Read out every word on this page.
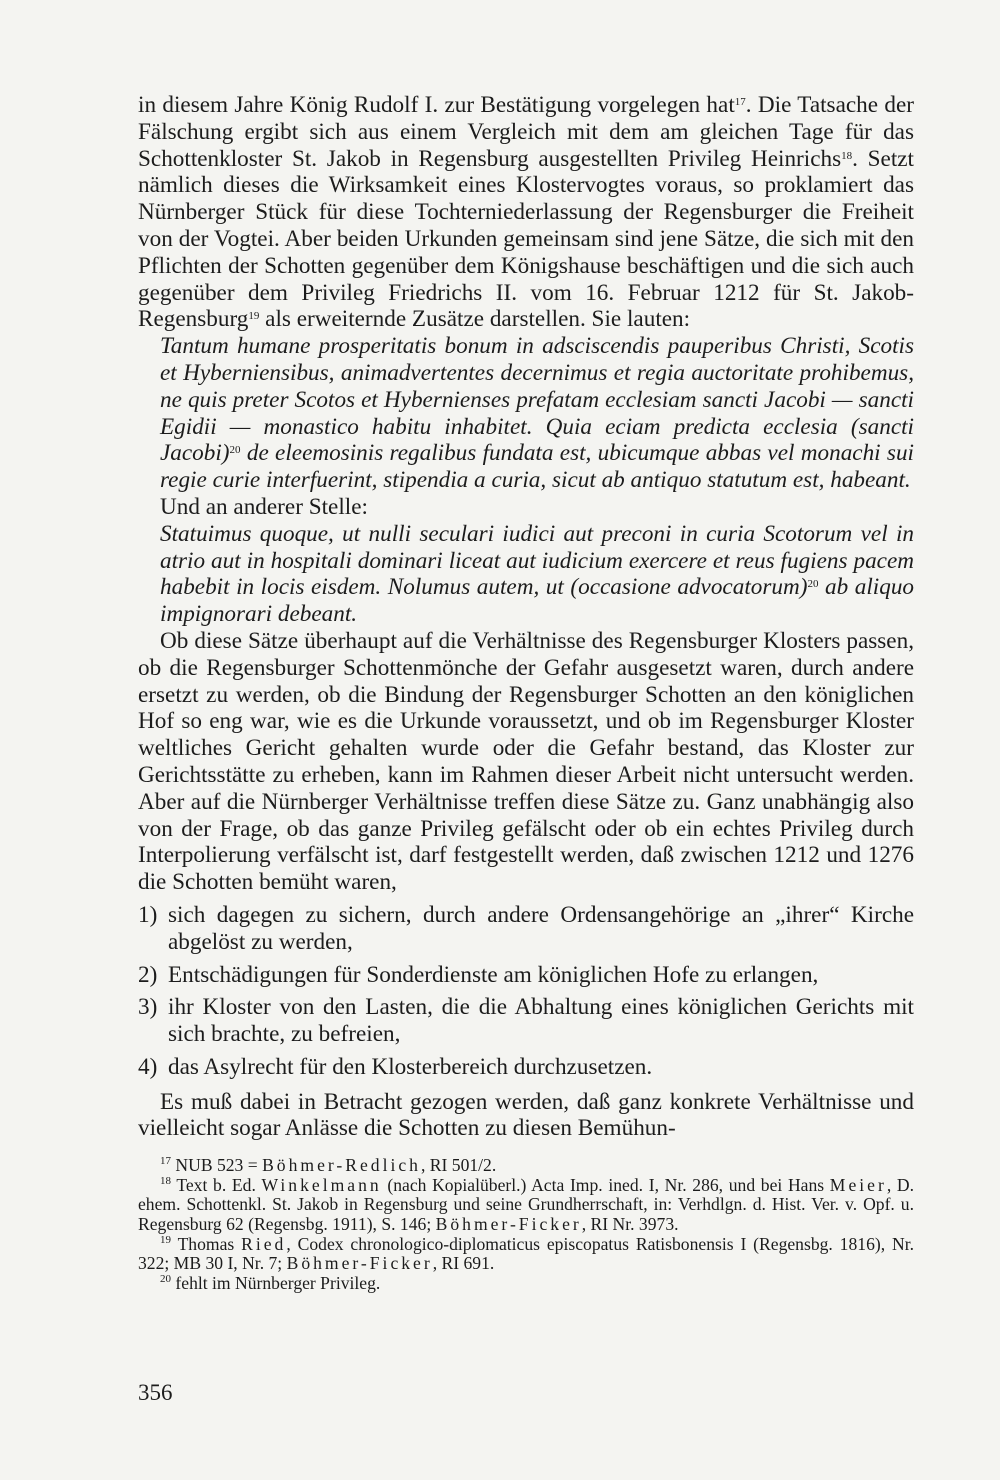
in diesem Jahre König Rudolf I. zur Bestätigung vorgelegen hat$^{17}$. Die Tatsache der Fälschung ergibt sich aus einem Vergleich mit dem am gleichen Tage für das Schottenkloster St. Jakob in Regensburg ausgestellten Privileg Heinrichs$^{18}$. Setzt nämlich dieses die Wirksamkeit eines Klostervogtes voraus, so proklamiert das Nürnberger Stück für diese Tochterniederlassung der Regensburger die Freiheit von der Vogtei. Aber beiden Urkunden gemeinsam sind jene Sätze, die sich mit den Pflichten der Schotten gegenüber dem Königshause beschäftigen und die sich auch gegenüber dem Privileg Friedrichs II. vom 16. Februar 1212 für St. Jakob-Regensburg$^{19}$ als erweiternde Zusätze darstellen. Sie lauten:

Tantum humane prosperitatis bonum in adsciscendis pauperibus Christi, Scotis et Hyberniensibus, animadvertentes decernimus et regia auctoritate prohibemus, ne quis preter Scotos et Hybernienses prefatam ecclesiam sancti Jacobi — sancti Egidii — monastico habitu inhabitet. Quia eciam predicta ecclesia (sancti Jacobi)$^{20}$ de eleemosinis regalibus fundata est, ubicumque abbas vel monachi sui regie curie interfuerint, stipendia a curia, sicut ab antiquo statutum est, habeant.

Und an anderer Stelle:

Statuimus quoque, ut nulli seculari iudici aut preconi in curia Scotorum vel in atrio aut in hospitali dominari liceat aut iudicium exercere et reus fugiens pacem habebit in locis eisdem. Nolumus autem, ut (occasione advocatorum)$^{20}$ ab aliquo impignorari debeant.

Ob diese Sätze überhaupt auf die Verhältnisse des Regensburger Klosters passen, ob die Regensburger Schottenmönche der Gefahr ausgesetzt waren, durch andere ersetzt zu werden, ob die Bindung der Regensburger Schotten an den königlichen Hof so eng war, wie es die Urkunde voraussetzt, und ob im Regensburger Kloster weltliches Gericht gehalten wurde oder die Gefahr bestand, das Kloster zur Gerichtsstätte zu erheben, kann im Rahmen dieser Arbeit nicht untersucht werden. Aber auf die Nürnberger Verhältnisse treffen diese Sätze zu. Ganz unabhängig also von der Frage, ob das ganze Privileg gefälscht oder ob ein echtes Privileg durch Interpolierung verfälscht ist, darf festgestellt werden, daß zwischen 1212 und 1276 die Schotten bemüht waren,

1) sich dagegen zu sichern, durch andere Ordensangehörige an „ihrer“ Kirche abgelöst zu werden,
2) Entschädigungen für Sonderdienste am königlichen Hofe zu erlangen,
3) ihr Kloster von den Lasten, die die Abhaltung eines königlichen Gerichts mit sich brachte, zu befreien,
4) das Asylrecht für den Klosterbereich durchzusetzen.

Es muß dabei in Betracht gezogen werden, daß ganz konkrete Verhältnisse und vielleicht sogar Anlässe die Schotten zu diesen Bemühun-

$^{17}$ NUB 523 = Böhmer-Redlich, RI 501/2.

$^{18}$ Text b. Ed. Winkelmann (nach Kopialüberl.) Acta Imp. ined. I, Nr. 286, und bei Hans Meier, D. ehem. Schottenkl. St. Jakob in Regensburg und seine Grundherrschaft, in: Verhdlgn. d. Hist. Ver. v. Opf. u. Regensburg 62 (Regensbg. 1911), S. 146; Böhmer-Ficker, RI Nr. 3973.

$^{19}$ Thomas Ried, Codex chronologico-diplomaticus episcopatus Ratisbonensis I (Regensbg. 1816), Nr. 322; MB 30 I, Nr. 7; Böhmer-Ficker, RI 691.

$^{20}$ fehlt im Nürnberger Privileg.

356
